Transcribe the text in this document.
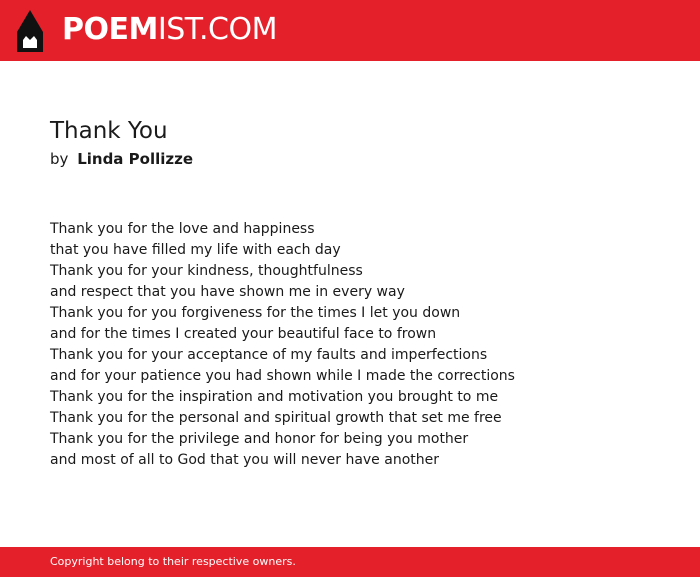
POEMIST.COM
Thank You
by Linda Pollizze
Thank you for the love and happiness
that you have filled my life with each day
Thank you for your kindness, thoughtfulness
and respect that you have shown me in every way
Thank you for you forgiveness for the times I let you down
and for the times I created your beautiful face to frown
Thank you for your acceptance of my faults and imperfections
and for your patience you had shown while I made the corrections
Thank you for the inspiration and motivation you brought to me
Thank you for the personal and spiritual growth that set me free
Thank you for the privilege and honor for being you mother
and most of all to God that you will never have another
Copyright belong to their respective owners.
